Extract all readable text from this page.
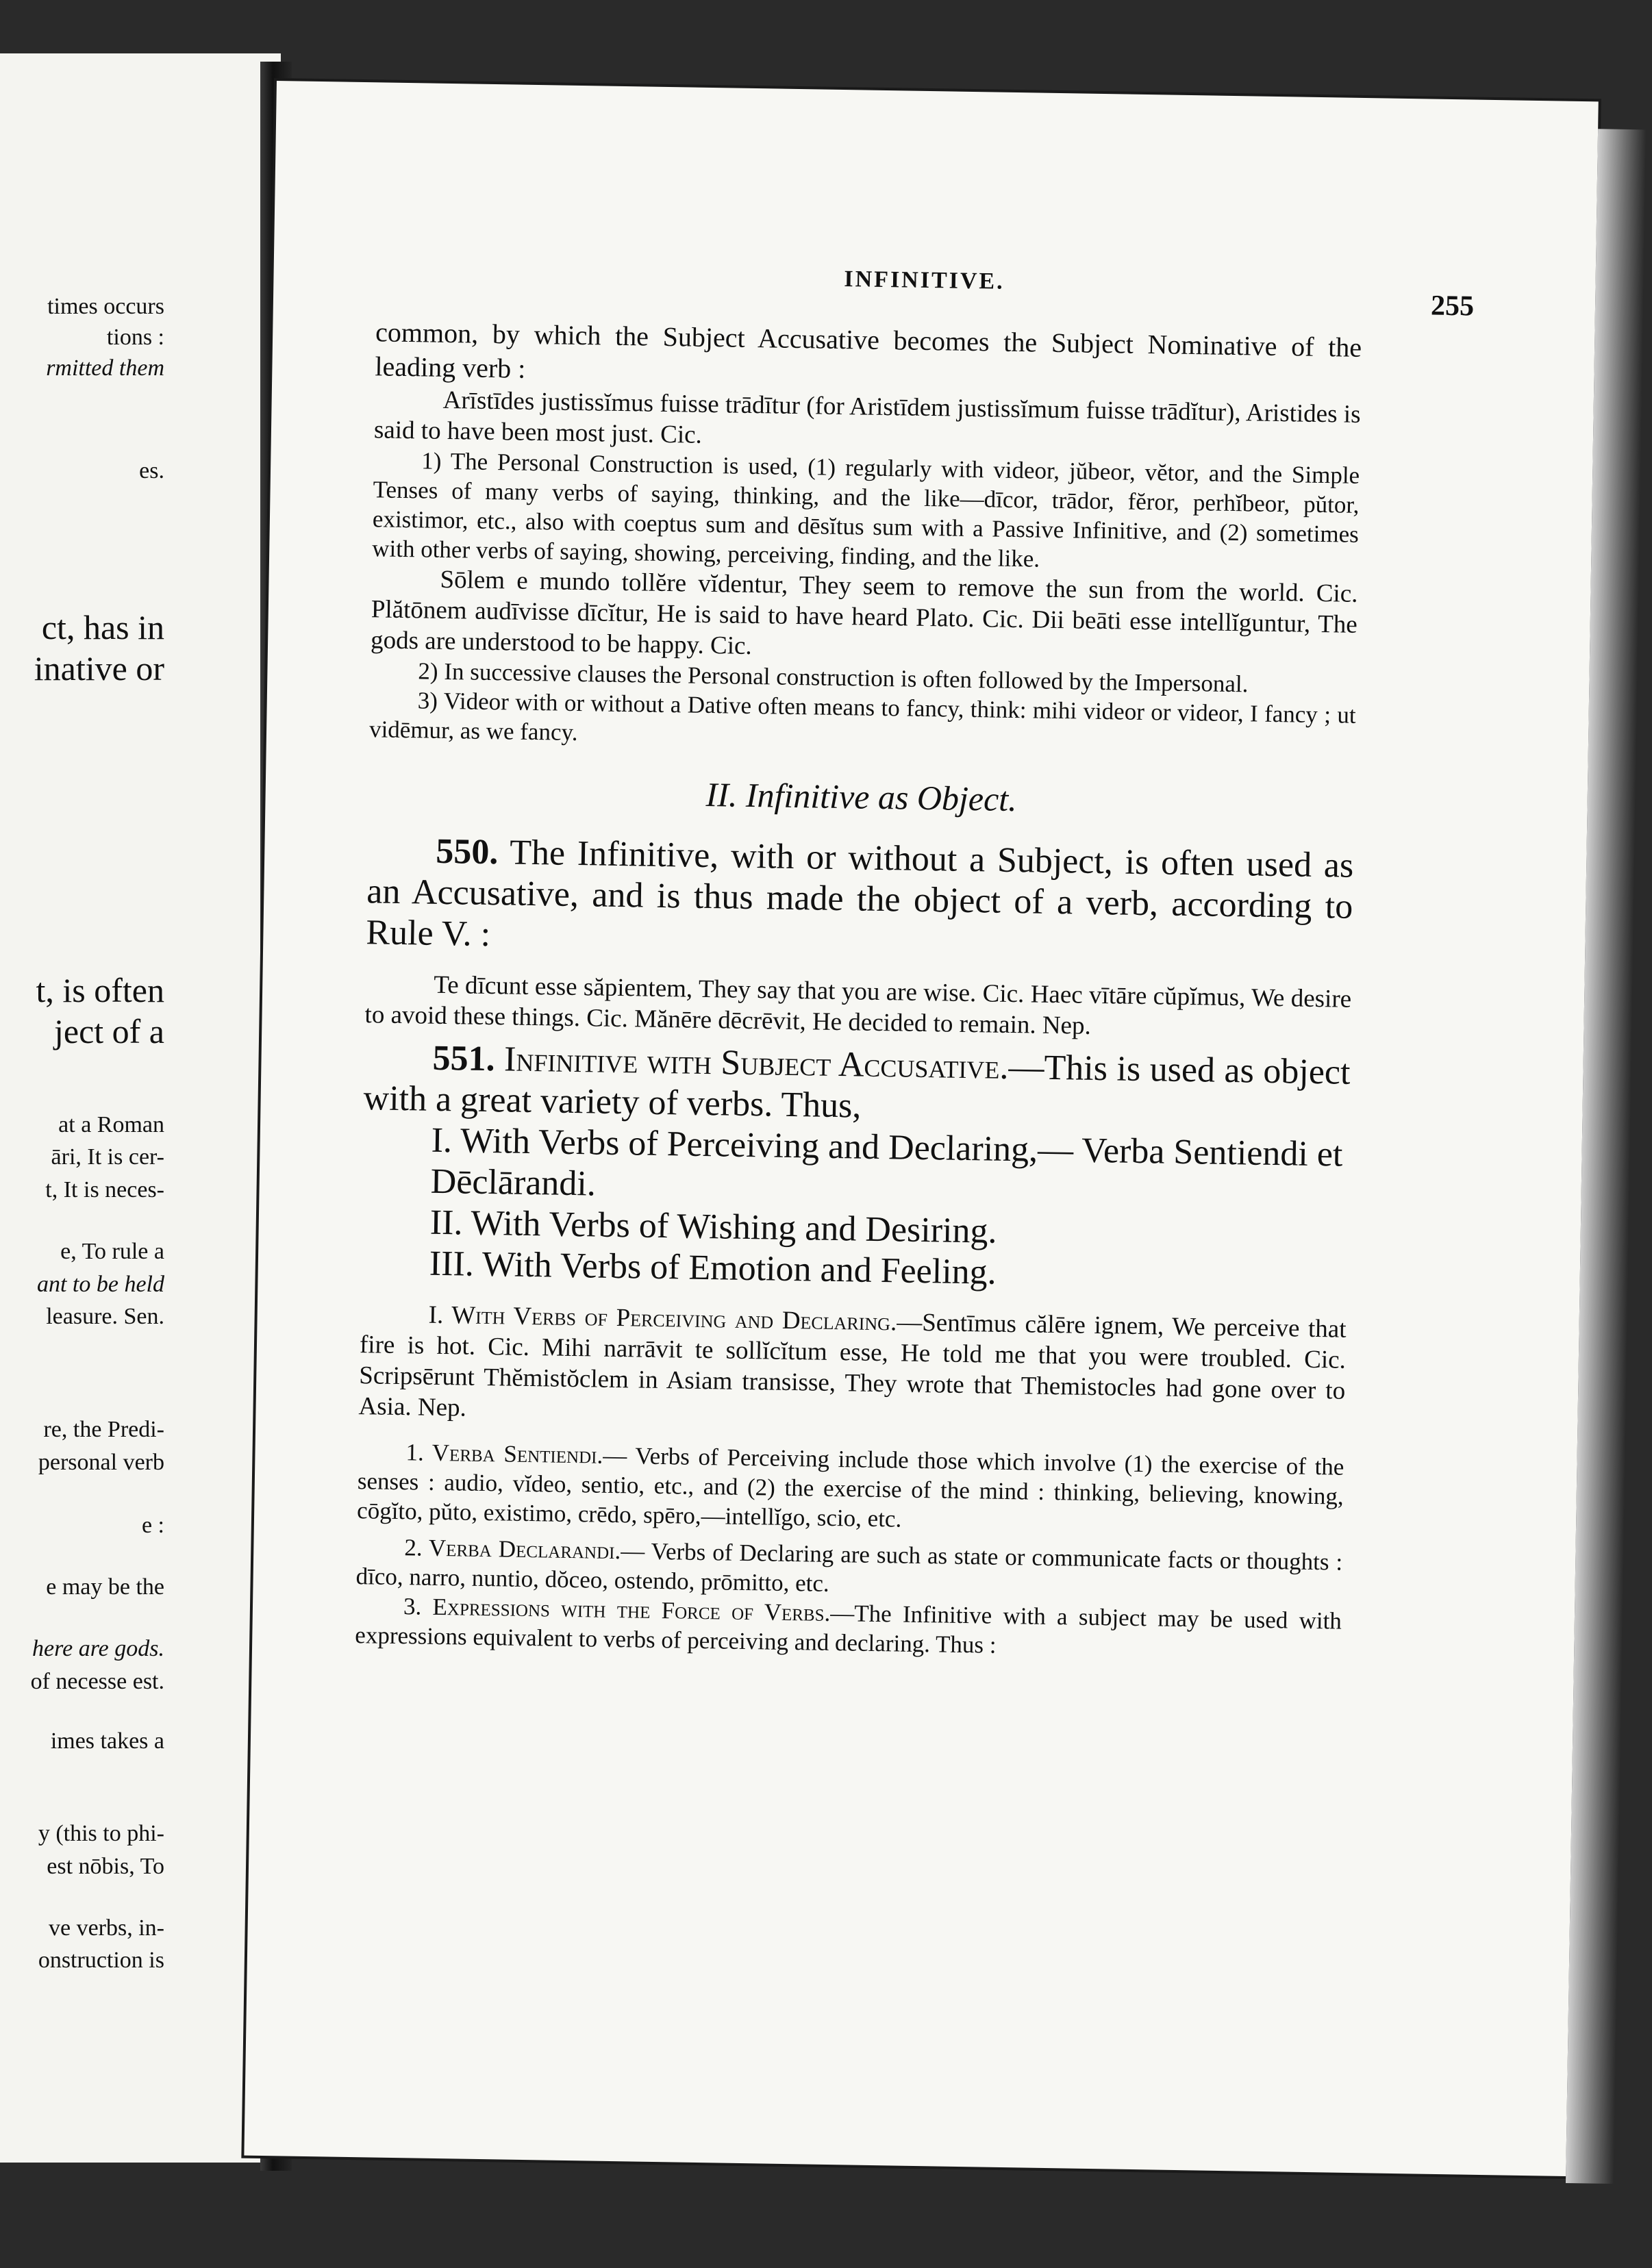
times occurs
tions :
rmitted them
es.
ct, has in
inative or
t, is often
ject of a
at a Roman
āri, It is cer-
t, It is neces-
e, To rule a
ant to be held
leasure. Sen.
re, the Predi-
personal verb
e :
e may be the
here are gods.
of necesse est.
imes takes a
y (this to phi-
est nōbis, To
ve verbs, in-
onstruction is
INFINITIVE.
255

common, by which the Subject Accusative becomes the Subject Nominative of the leading verb :

Arīstīdes justissĭmus fuisse trādītur (for Aristīdem justissĭmum fuisse trādĭtur), Aristides is said to have been most just. Cic.

1) The Personal Construction is used, (1) regularly with videor, jŭbeor, vĕtor, and the Simple Tenses of many verbs of saying, thinking, and the like—dīcor, trādor, fĕror, perhĭbeor, pŭtor, existimor, etc., also with coeptus sum and dēsĭtus sum with a Passive Infinitive, and (2) sometimes with other verbs of saying, showing, perceiving, finding, and the like.

Sōlem e mundo tollĕre vĭdentur, They seem to remove the sun from the world. Cic. Plătōnem audīvisse dīcĭtur, He is said to have heard Plato. Cic. Dii beāti esse intellĭguntur, The gods are understood to be happy. Cic.

2) In successive clauses the Personal construction is often followed by the Impersonal.

3) Videor with or without a Dative often means to fancy, think: mihi videor or videor, I fancy ; ut vidēmur, as we fancy.

II. Infinitive as Object.

550. The Infinitive, with or without a Subject, is often used as an Accusative, and is thus made the object of a verb, according to Rule V. :

Te dīcunt esse săpientem, They say that you are wise. Cic. Haec vītāre cŭpĭmus, We desire to avoid these things. Cic. Mănēre dēcrēvit, He decided to remain. Nep.

551. Infinitive with Subject Accusative.—This is used as object with a great variety of verbs. Thus,

I. With Verbs of Perceiving and Declaring,— Verba Sentiendi et Dēclārandi.

II. With Verbs of Wishing and Desiring.

III. With Verbs of Emotion and Feeling.

I. With Verbs of Perceiving and Declaring.—Sentīmus călēre ignem, We perceive that fire is hot. Cic. Mihi narrāvit te sollĭcĭtum esse, He told me that you were troubled. Cic. Scripsērunt Thĕmistŏclem in Asiam transisse, They wrote that Themistocles had gone over to Asia. Nep.

1. Verba Sentiendi.— Verbs of Perceiving include those which involve (1) the exercise of the senses : audio, vĭdeo, sentio, etc., and (2) the exercise of the mind : thinking, believing, knowing, cōgĭto, pŭto, existimo, crēdo, spēro,—intellĭgo, scio, etc.

2. Verba Declarandi.— Verbs of Declaring are such as state or communicate facts or thoughts : dīco, narro, nuntio, dŏceo, ostendo, prōmitto, etc.

3. Expressions with the Force of Verbs.—The Infinitive with a subject may be used with expressions equivalent to verbs of perceiving and declaring. Thus :
